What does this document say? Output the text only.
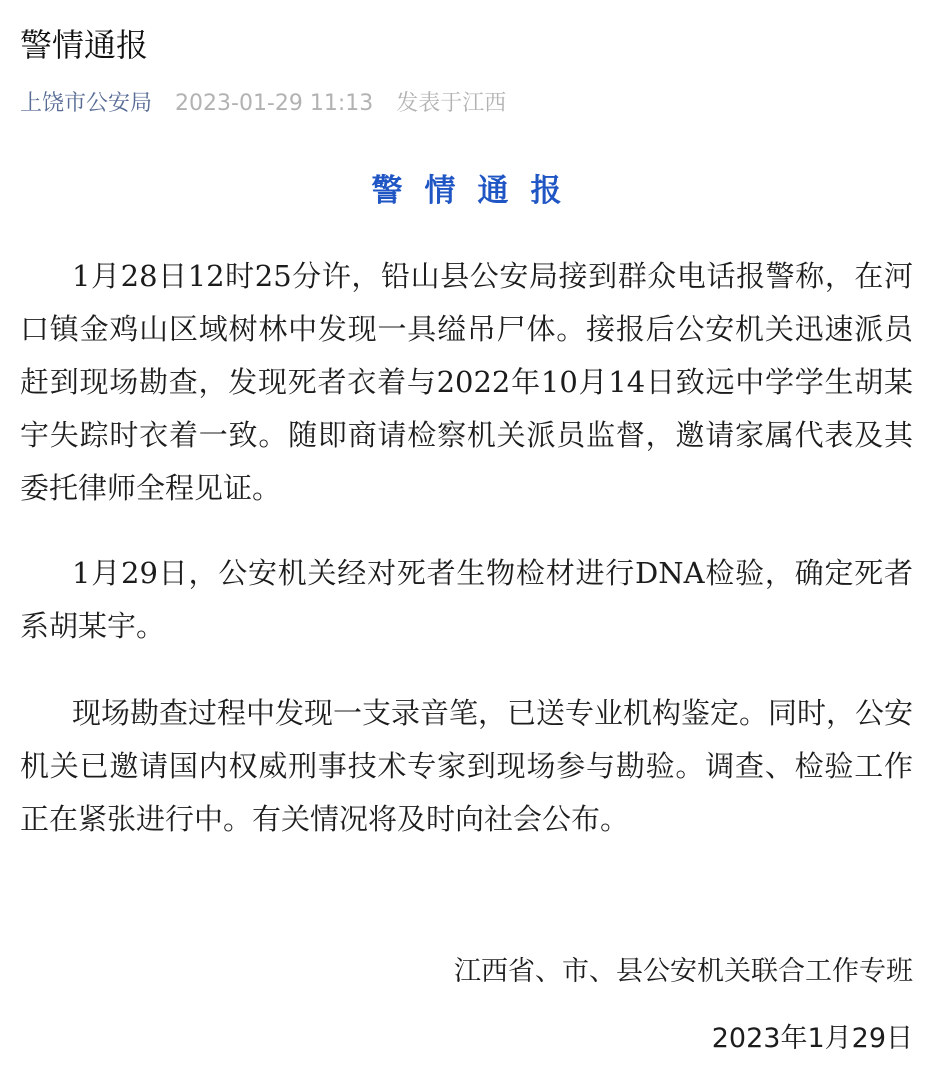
警情通报
上饶市公安局 2023-01-29 11:13 发表于江西
警情通报

1月28日12时25分许，铅山县公安局接到群众电话报警称，在河口镇金鸡山区域树林中发现一具缢吊尸体。接报后公安机关迅速派员赶到现场勘查，发现死者衣着与2022年10月14日致远中学学生胡某宇失踪时衣着一致。随即商请检察机关派员监督，邀请家属代表及其委托律师全程见证。

1月29日，公安机关经对死者生物检材进行DNA检验，确定死者系胡某宇。

现场勘查过程中发现一支录音笔，已送专业机构鉴定。同时，公安机关已邀请国内权威刑事技术专家到现场参与勘验。调查、检验工作正在紧张进行中。有关情况将及时向社会公布。

江西省、市、县公安机关联合工作专班
2023年1月29日
